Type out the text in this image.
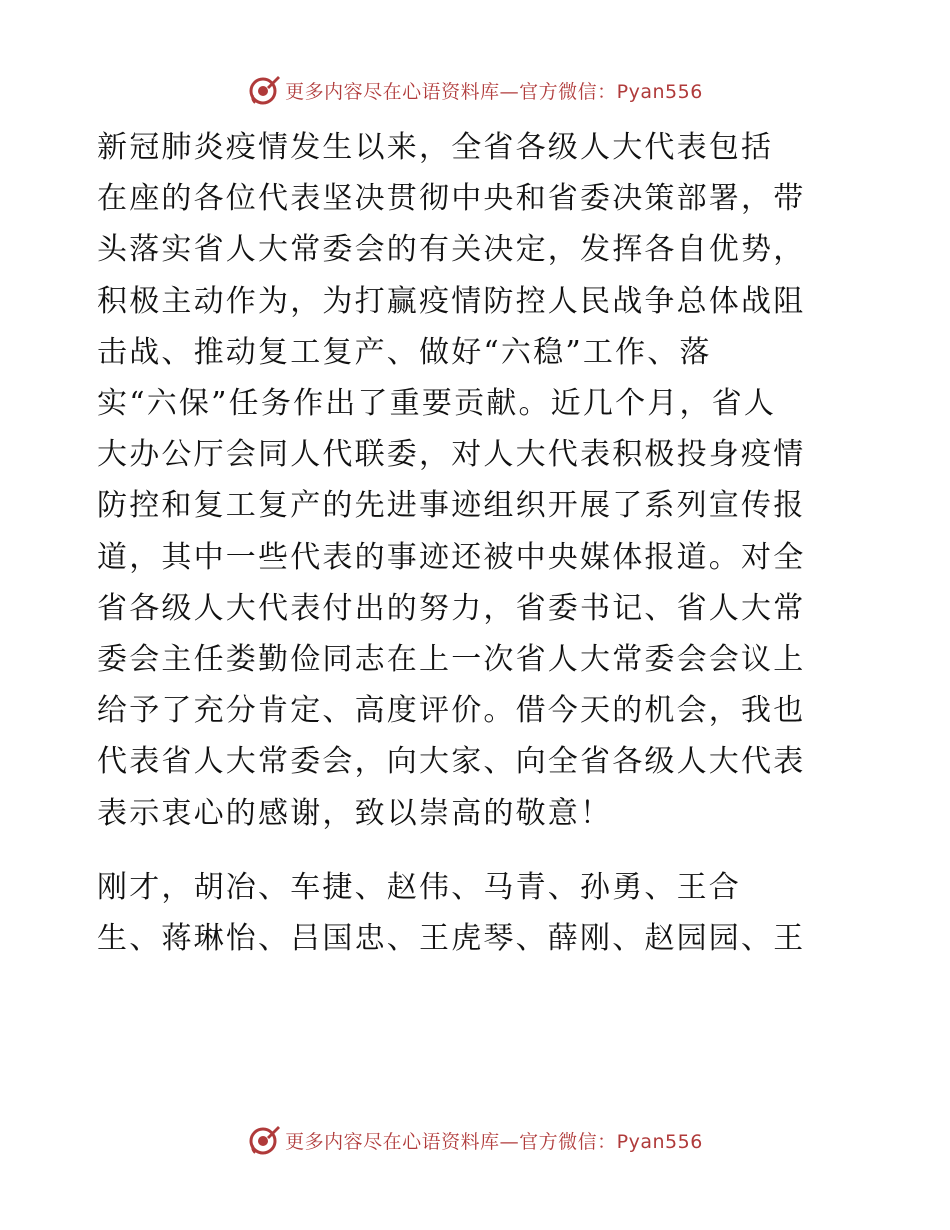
更多内容尽在心语资料库—官方微信：Pyan556

新冠肺炎疫情发生以来，全省各级人大代表包括
在座的各位代表坚决贯彻中央和省委决策部署，带
头落实省人大常委会的有关决定，发挥各自优势，
积极主动作为，为打赢疫情防控人民战争总体战阻
击战、推动复工复产、做好“六稳”工作、落
实“六保”任务作出了重要贡献。近几个月，省人
大办公厅会同人代联委，对人大代表积极投身疫情
防控和复工复产的先进事迹组织开展了系列宣传报
道，其中一些代表的事迹还被中央媒体报道。对全
省各级人大代表付出的努力，省委书记、省人大常
委会主任娄勤俭同志在上一次省人大常委会会议上
给予了充分肯定、高度评价。借今天的机会，我也
代表省人大常委会，向大家、向全省各级人大代表
表示衷心的感谢，致以崇高的敬意！

刚才，胡冶、车捷、赵伟、马青、孙勇、王合
生、蒋琳怡、吕国忠、王虎琴、薛刚、赵园园、王

更多内容尽在心语资料库—官方微信：Pyan556
